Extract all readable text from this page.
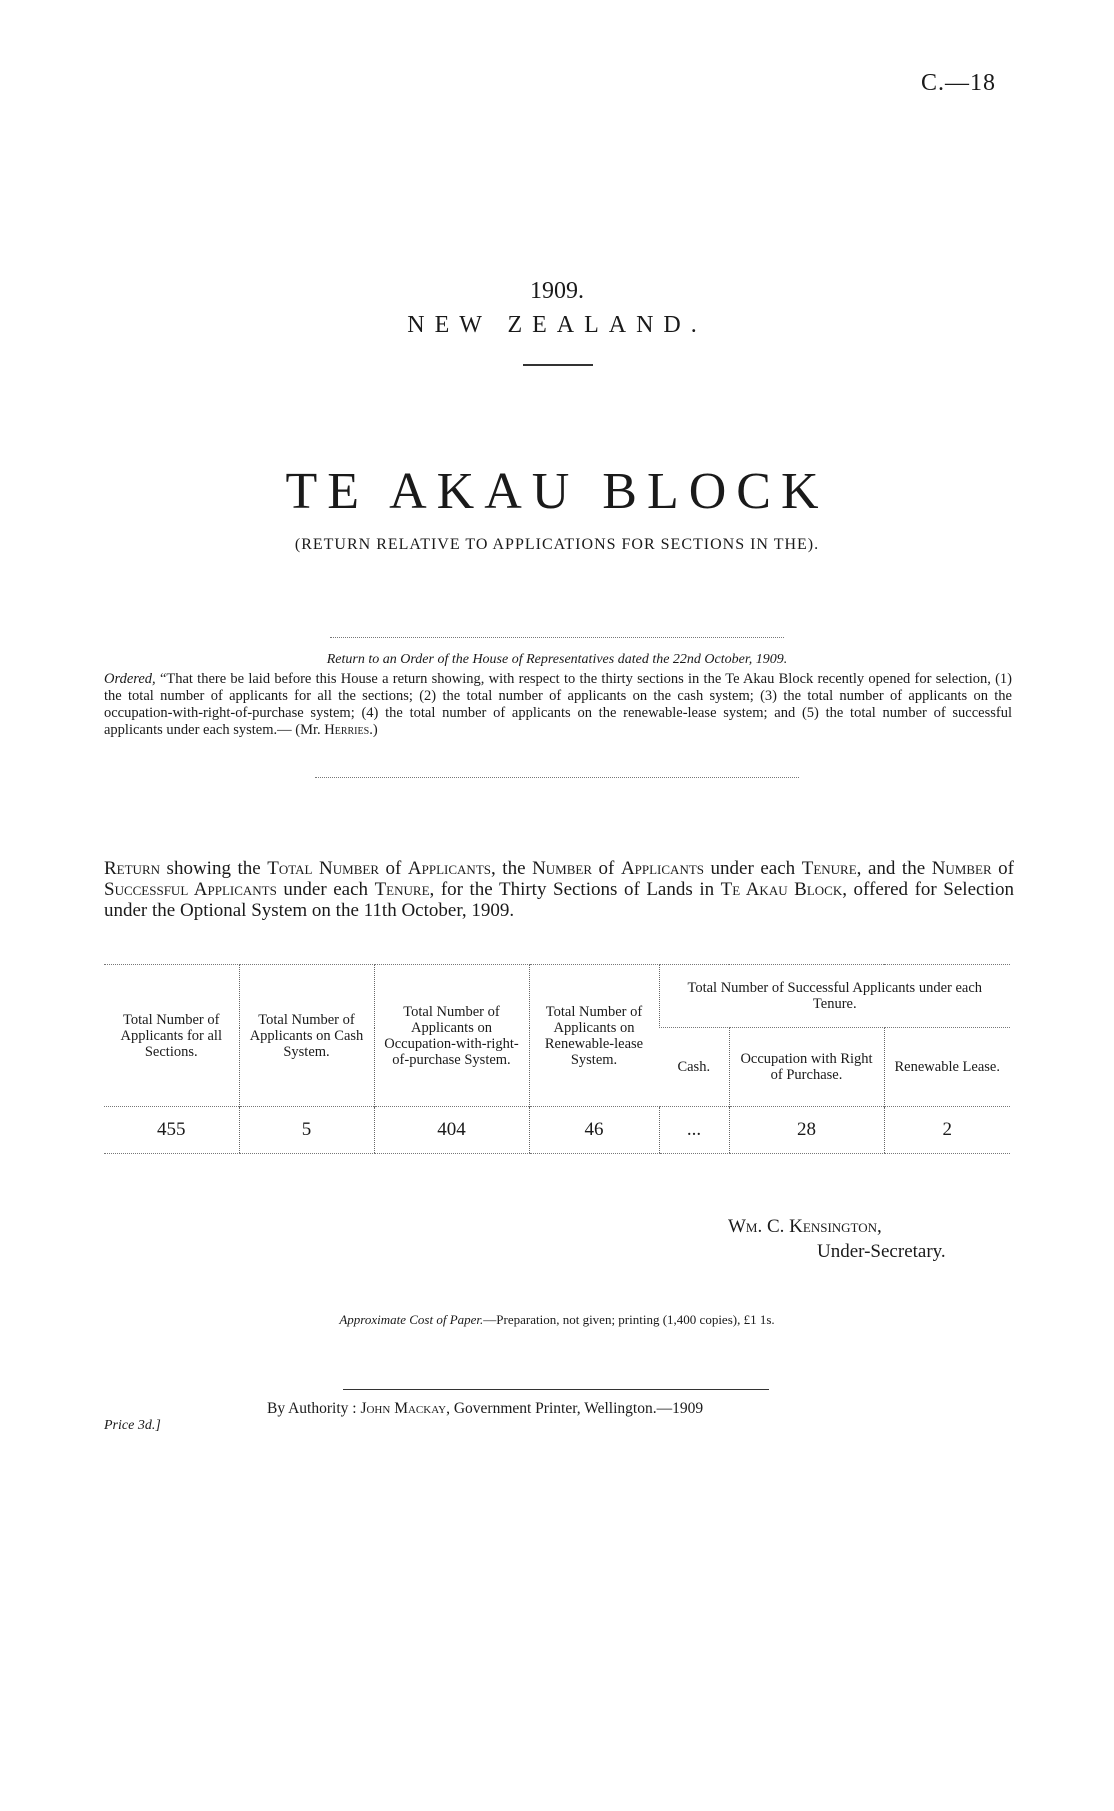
C.—18
1909.
NEW ZEALAND.
TE AKAU BLOCK
(RETURN RELATIVE TO APPLICATIONS FOR SECTIONS IN THE).
Return to an Order of the House of Representatives dated the 22nd October, 1909.
Ordered, “That there be laid before this House a return showing, with respect to the thirty sections in the Te Akau Block recently opened for selection, (1) the total number of applicants for all the sections; (2) the total number of applicants on the cash system; (3) the total number of applicants on the occupation-with-right-of-purchase system; (4) the total number of applicants on the renewable-lease system; and (5) the total number of successful applicants under each system.— (Mr. Herries.)
Return showing the Total Number of Applicants, the Number of Applicants under each Tenure, and the Number of Successful Applicants under each Tenure, for the Thirty Sections of Lands in Te Akau Block, offered for Selection under the Optional System on the 11th October, 1909.
Total Number of Applicants for all Sections.	Total Number of Applicants on Cash System.	Total Number of Applicants on Occupation-with-right-of-purchase System.	Total Number of Applicants on Renewable-lease System.	Total Number of Successful Applicants under each Tenure.		
				Cash.	Occupation with Right of Purchase.	Renewable Lease.
455	5	404	46	...	28	2
Wm. C. Kensington,
Under-Secretary.
Approximate Cost of Paper.—Preparation, not given; printing (1,400 copies), £1 1s.
By Authority : John Mackay, Government Printer, Wellington.—1909
Price 3d.]
